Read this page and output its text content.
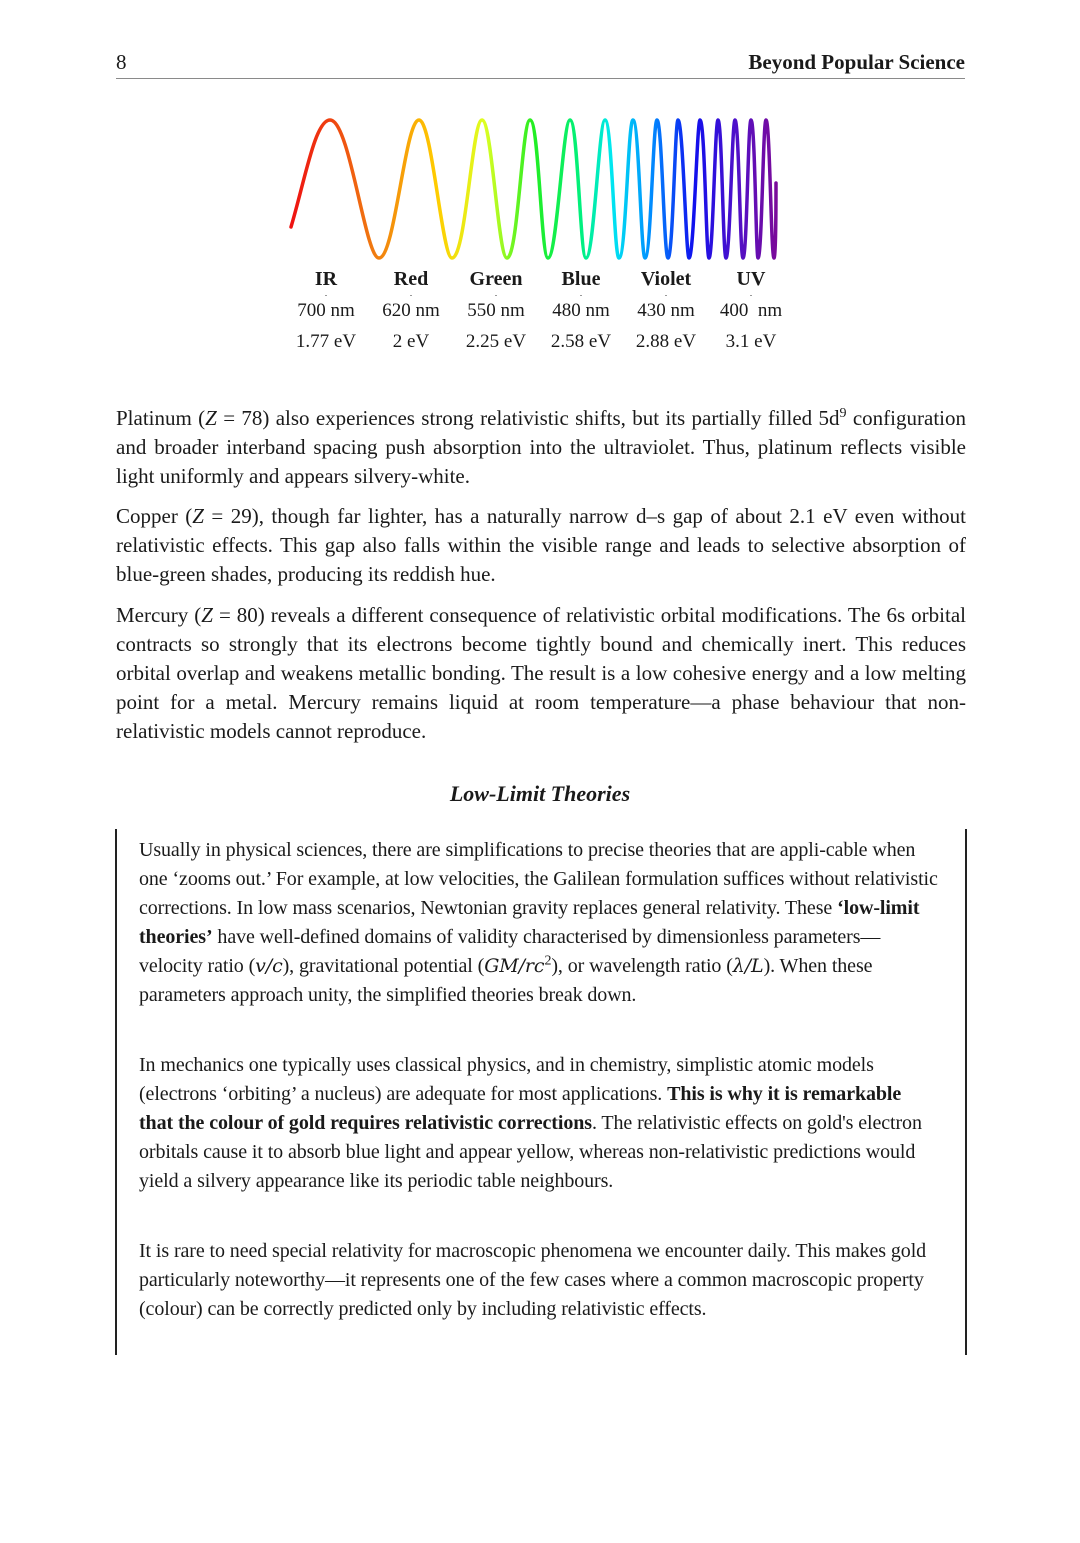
8	Beyond Popular Science
IR	Red	Green	Blue	Violet	UV
700 nm	620 nm	550 nm	480 nm	430 nm	400  nm
1.77 eV	2 eV	2.25 eV	2.58 eV	2.88 eV	3.1 eV

Platinum (Z = 78) also experiences strong relativistic shifts, but its partially filled $5d^9$ configuration and broader interband spacing push absorption into the ultraviolet. Thus, platinum reflects visible light uniformly and appears silvery-white.

Copper (Z = 29), though far lighter, has a naturally narrow d–s gap of about 2.1 eV even without relativistic effects. This gap also falls within the visible range and leads to selective absorption of blue-green shades, producing its reddish hue.

Mercury (Z = 80) reveals a different consequence of relativistic orbital modifications. The 6s orbital contracts so strongly that its electrons become tightly bound and chemically inert. This reduces orbital overlap and weakens metallic bonding. The result is a low cohesive energy and a low melting point for a metal. Mercury remains liquid at room temperature—a phase behaviour that non-relativistic models cannot reproduce.

Low-Limit Theories

Usually in physical sciences, there are simplifications to precise theories that are appli-cable when one ‘zooms out.’ For example, at low velocities, the Galilean formulation suffices without relativistic corrections. In low mass scenarios, Newtonian gravity replaces general relativity. These ‘low-limit theories’ have well-defined domains of validity characterised by dimensionless parameters—velocity ratio (v/c), gravitational potential $(GM/rc^2)$, or wavelength ratio (λ/L). When these parameters approach unity, the simplified theories break down.

In mechanics one typically uses classical physics, and in chemistry, simplistic atomic models (electrons ‘orbiting’ a nucleus) are adequate for most applications. This is why it is remarkable that the colour of gold requires relativistic corrections. The relativistic effects on gold's electron orbitals cause it to absorb blue light and appear yellow, whereas non-relativistic predictions would yield a silvery appearance like its periodic table neighbours.

It is rare to need special relativity for macroscopic phenomena we encounter daily. This makes gold particularly noteworthy—it represents one of the few cases where a common macroscopic property (colour) can be correctly predicted only by including relativistic effects.
